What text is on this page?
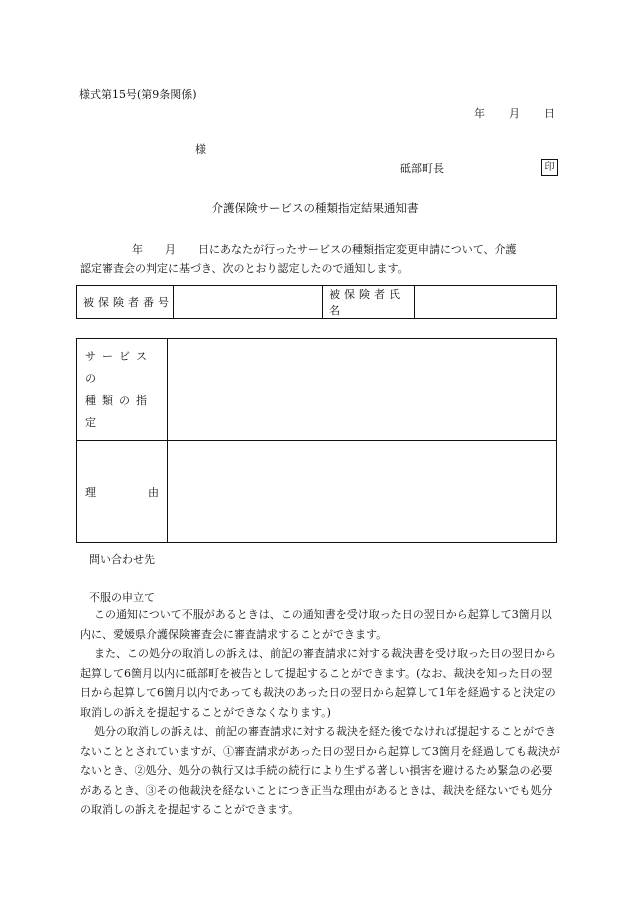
様式第15号(第9条関係)
年 月 日
様
砥部町長	印
介護保険サービスの種類指定結果通知書
年 月 日にあなたが行ったサービスの種類指定変更申請について、介護
認定審査会の判定に基づき、次のとおり認定したので通知します。
被保険者番号		被保険者氏名	
サービスの
種類の指定	

理 由	

問い合わせ先
不服の申立て

この通知について不服があるときは、この通知書を受け取った日の翌日から起算して3箇月以内に、愛媛県介護保険審査会に審査請求することができます。

また、この処分の取消しの訴えは、前記の審査請求に対する裁決書を受け取った日の翌日から起算して6箇月以内に砥部町を被告として提起することができます。(なお、裁決を知った日の翌日から起算して6箇月以内であっても裁決のあった日の翌日から起算して1年を経過すると決定の取消しの訴えを提起することができなくなります。)

処分の取消しの訴えは、前記の審査請求に対する裁決を経た後でなければ提起することができないこととされていますが、①審査請求があった日の翌日から起算して3箇月を経過しても裁決がないとき、②処分、処分の執行又は手続の続行により生ずる著しい損害を避けるため緊急の必要があるとき、③その他裁決を経ないことにつき正当な理由があるときは、裁決を経ないでも処分の取消しの訴えを提起することができます。
